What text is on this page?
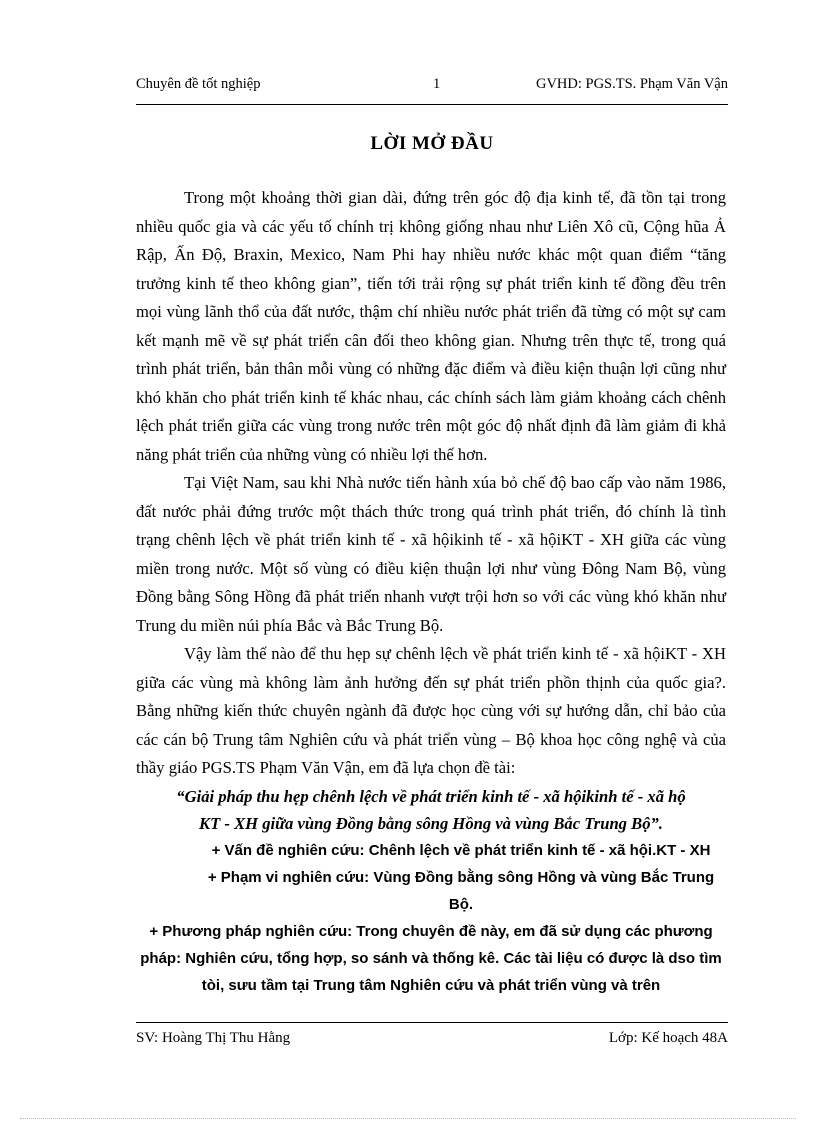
Chuyên đề tốt nghiệp	1	GVHD: PGS.TS. Phạm Văn Vận
LỜI MỞ ĐẦU

Trong một khoảng thời gian dài, đứng trên góc độ địa kinh tế, đã tồn tại trong nhiều quốc gia và các yếu tố chính trị không giống nhau như Liên Xô cũ, Cộng hũa Ả Rập, Ấn Độ, Braxin, Mexico, Nam Phi hay nhiều nước khác một quan điểm “tăng trưởng kinh tế theo không gian”, tiến tới trải rộng sự phát triển kinh tế đồng đều trên mọi vùng lãnh thổ của đất nước, thậm chí nhiều nước phát triển đã từng có một sự cam kết mạnh mẽ về sự phát triển cân đối theo không gian. Nhưng trên thực tế, trong quá trình phát triển, bản thân mỗi vùng có những đặc điểm và điều kiện thuận lợi cũng như khó khăn cho phát triển kinh tế khác nhau, các chính sách làm giảm khoảng cách chênh lệch phát triển giữa các vùng trong nước trên một góc độ nhất định đã làm giảm đi khả năng phát triển của những vùng có nhiều lợi thế hơn.

Tại Việt Nam, sau khi Nhà nước tiến hành xúa bỏ chế độ bao cấp vào năm 1986, đất nước phải đứng trước một thách thức trong quá trình phát triển, đó chính là tình trạng chênh lệch về phát triển kinh tế - xã hộikinh tế - xã hộiKT - XH giữa các vùng miền trong nước. Một số vùng có điều kiện thuận lợi như vùng Đông Nam Bộ, vùng Đồng bằng Sông Hồng đã phát triển nhanh vượt trội hơn so với các vùng khó khăn như Trung du miền núi phía Bắc và Bắc Trung Bộ.

Vậy làm thế nào để thu hẹp sự chênh lệch về phát triển kinh tế - xã hộiKT - XH giữa các vùng mà không làm ảnh hưởng đến sự phát triển phồn thịnh của quốc gia?. Bằng những kiến thức chuyên ngành đã được học cùng với sự hướng dẫn, chỉ bảo của các cán bộ Trung tâm Nghiên cứu và phát triển vùng – Bộ khoa học công nghệ và của thầy giáo PGS.TS Phạm Văn Vận, em đã lựa chọn đề tài:

“Giải pháp thu hẹp chênh lệch về phát triển kinh tế - xã hộikinh tế - xã hộ KT - XH giữa vùng Đồng bằng sông Hồng và vùng Bắc Trung Bộ”.

+ Vấn đề nghiên cứu: Chênh lệch về phát triển kinh tế - xã hội.KT - XH

+ Phạm vi nghiên cứu: Vùng Đồng bằng sông Hồng và vùng Bắc Trung Bộ.

+ Phương pháp nghiên cứu: Trong chuyên đề này, em đã sử dụng các phương pháp: Nghiên cứu, tổng hợp, so sánh và thống kê. Các tài liệu có được là dso tìm tòi, sưu tầm tại Trung tâm Nghiên cứu và phát triển vùng và trên

SV: Hoàng Thị Thu Hằng	Lớp: Kế hoạch 48A
